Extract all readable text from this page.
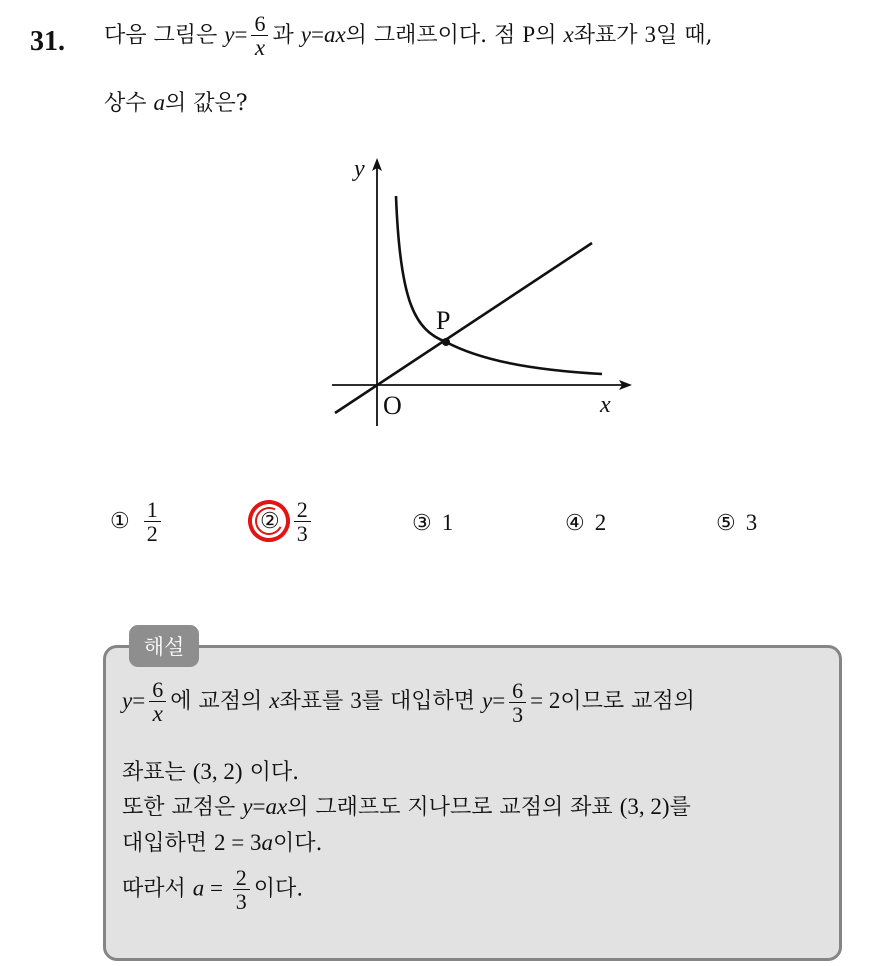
31. 다음 그림은 $y= \frac{6}{x}$ 과 y=ax의 그래프이다. 점 P의 x좌표가 3일 때,
상수 a의 값은?
y
P
O	x
① $\frac{1}{2}$	② $\frac{2}{3}$	③ 1	④ 2	⑤ 3
해설
$y= \frac{6}{x}$ 에 교점의 x좌표를 3를 대입하면 $y= \frac{6}{3} = 2$이므로 교점의
좌표는 (3, 2) 이다.
또한 교점은 y=ax의 그래프도 지나므로 교점의 좌표 (3, 2)를
대입하면 2 = 3a이다.
따라서 $a = \frac{2}{3}$ 이다.
